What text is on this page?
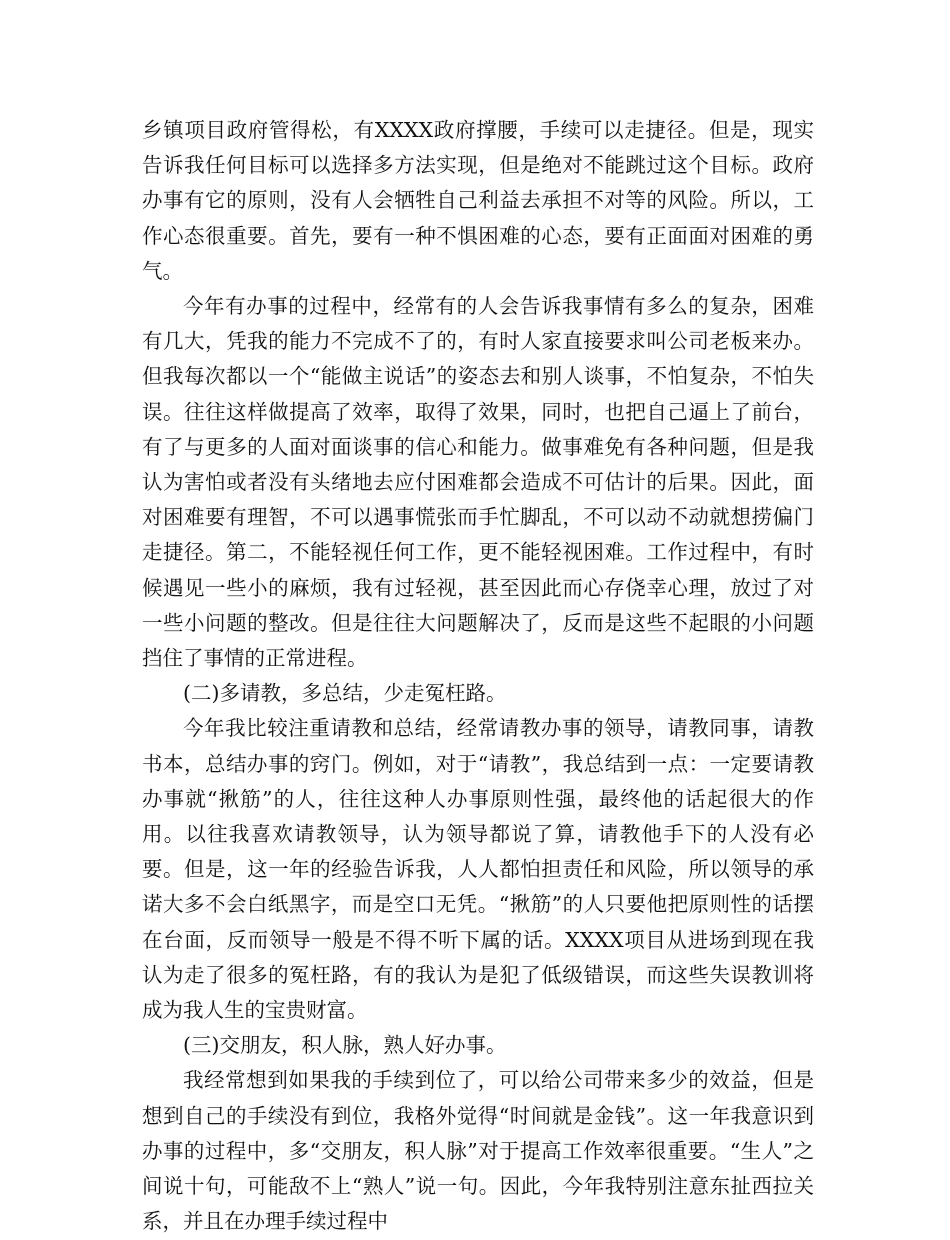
乡镇项目政府管得松，有XXXX政府撑腰，手续可以走捷径。但是，现实告诉我任何目标可以选择多方法实现，但是绝对不能跳过这个目标。政府办事有它的原则，没有人会牺牲自己利益去承担不对等的风险。所以，工作心态很重要。首先，要有一种不惧困难的心态，要有正面面对困难的勇气。

今年有办事的过程中，经常有的人会告诉我事情有多么的复杂，困难有几大，凭我的能力不完成不了的，有时人家直接要求叫公司老板来办。但我每次都以一个“能做主说话”的姿态去和别人谈事，不怕复杂，不怕失误。往往这样做提高了效率，取得了效果，同时，也把自己逼上了前台，有了与更多的人面对面谈事的信心和能力。做事难免有各种问题，但是我认为害怕或者没有头绪地去应付困难都会造成不可估计的后果。因此，面对困难要有理智，不可以遇事慌张而手忙脚乱，不可以动不动就想捞偏门走捷径。第二，不能轻视任何工作，更不能轻视困难。工作过程中，有时候遇见一些小的麻烦，我有过轻视，甚至因此而心存侥幸心理，放过了对一些小问题的整改。但是往往大问题解决了，反而是这些不起眼的小问题挡住了事情的正常进程。

(二)多请教，多总结，少走冤枉路。

今年我比较注重请教和总结，经常请教办事的领导，请教同事，请教书本，总结办事的窍门。例如，对于“请教”，我总结到一点：一定要请教办事就“揪筋”的人，往往这种人办事原则性强，最终他的话起很大的作用。以往我喜欢请教领导，认为领导都说了算，请教他手下的人没有必要。但是，这一年的经验告诉我，人人都怕担责任和风险，所以领导的承诺大多不会白纸黑字，而是空口无凭。“揪筋”的人只要他把原则性的话摆在台面，反而领导一般是不得不听下属的话。XXXX项目从进场到现在我认为走了很多的冤枉路，有的我认为是犯了低级错误，而这些失误教训将成为我人生的宝贵财富。

(三)交朋友，积人脉，熟人好办事。

我经常想到如果我的手续到位了，可以给公司带来多少的效益，但是想到自己的手续没有到位，我格外觉得“时间就是金钱”。这一年我意识到办事的过程中，多“交朋友，积人脉”对于提高工作效率很重要。“生人”之间说十句，可能敌不上“熟人”说一句。因此，今年我特别注意东扯西拉关系，并且在办理手续过程中
